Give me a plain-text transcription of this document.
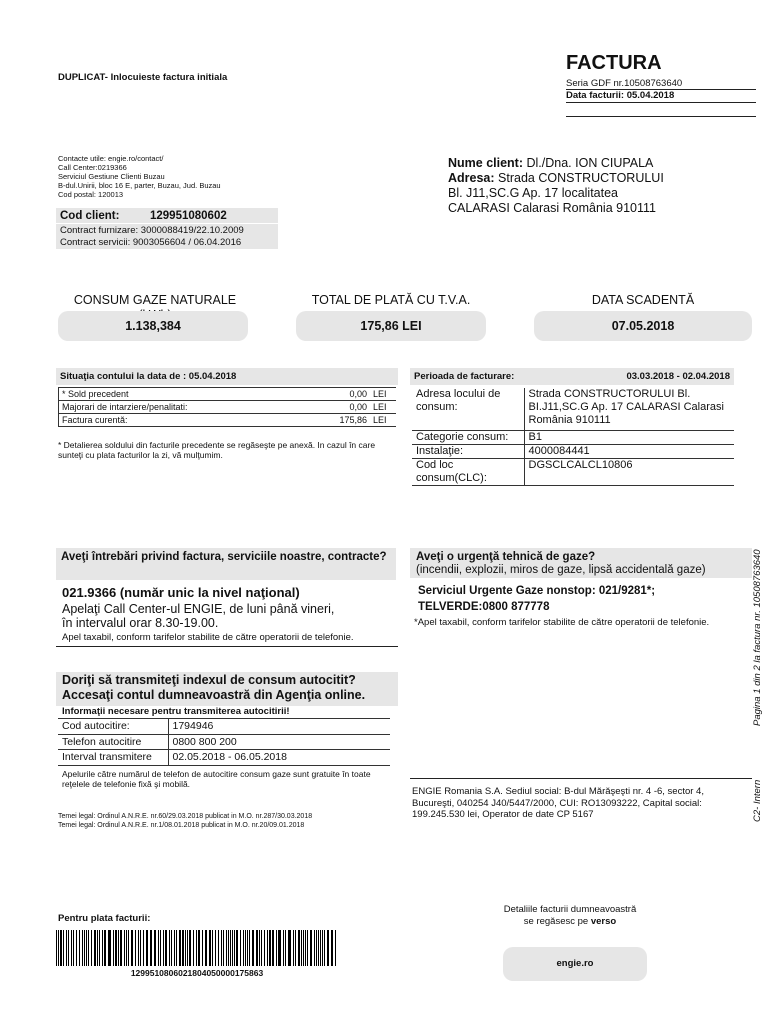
DUPLICAT- Inlocuieste factura initiala
FACTURA
Seria GDF nr.10508763640
Data facturii: 05.04.2018
Contacte utile: engie.ro/contact/
Call Center:0219366
Serviciul Gestiune Clienti Buzau
B-dul.Unirii, bloc 16 E, parter, Buzau, Jud. Buzau
Cod postal: 120013
Cod client:	129951080602
Contract furnizare: 3000088419/22.10.2009
Contract servicii: 9003056604 / 06.04.2016
Nume client: Dl./Dna. ION CIUPALA
Adresa: Strada CONSTRUCTORULUI
Bl. J11,SC.G Ap. 17 localitatea
CALARASI Calarasi România 910111
CONSUM GAZE NATURALE
1.138,384
TOTAL DE PLATĂ CU T.V.A.
175,86 LEI
DATA SCADENTĂ
07.05.2018
Situaţia contului la data de : 05.04.2018
* Sold precedent	0,00 LEI
Majorari de intarziere/penalitati:	0,00 LEI
Factura curentă:	175,86 LEI
* Detalierea soldului din facturile precedente se regăseşte pe anexă. In cazul în care sunteţi cu plata facturilor la zi, vă mulţumim.
Perioada de facturare:	03.03.2018 - 02.04.2018
Adresa locului de consum:	Strada CONSTRUCTORULUI Bl. BI.J11,SC.G Ap. 17 CALARASI Calarasi România 910111
Categorie consum:	B1
Instalaţie:	4000084441
Cod loc consum(CLC):	DGSCLCALCL10806
Aveţi întrebări privind factura, serviciile noastre, contracte?
021.9366 (număr unic la nivel naţional)
Apelaţi Call Center-ul ENGIE, de luni până vineri,
în intervalul orar 8.30-19.00.
Apel taxabil, conform tarifelor stabilite de către operatorii de telefonie.
Aveţi o urgenţă tehnică de gaze?
(incendii, explozii, miros de gaze, lipsă accidentală gaze)
Serviciul Urgente Gaze nonstop: 021/9281*;
TELVERDE:0800 877778
*Apel taxabil, conform tarifelor stabilite de către operatorii de telefonie.
Doriţi să transmiteţi indexul de consum autocitit?
Accesaţi contul dumneavoastră din Agenţia online.
Informaţii necesare pentru transmiterea autocitirii!
Cod autocitire:	1794946
Telefon autocitire	0800 800 200
Interval transmitere	02.05.2018 - 06.05.2018
Apelurile către numărul de telefon de autocitire consum gaze sunt gratuite în toate reţelele de telefonie fixă şi mobilă.
Temei legal: Ordinul A.N.R.E. nr.60/29.03.2018 publicat in M.O. nr.287/30.03.2018
Temei legal: Ordinul A.N.R.E. nr.1/08.01.2018 publicat in M.O. nr.20/09.01.2018
ENGIE Romania S.A. Sediul social: B-dul Mărăşeşti nr. 4 -6, sector 4, Bucureşti, 040254 J40/5447/2000, CUI: RO13093222, Capital social: 199.245.530 lei, Operator de date CP 5167
Pentru plata facturii:
1299510806021804050000175863
Detaliile facturii dumneavoastră
se regăsesc pe verso
engie.ro
Pagina 1 din 2 la factura nr. 10508763640
C2- Intern
